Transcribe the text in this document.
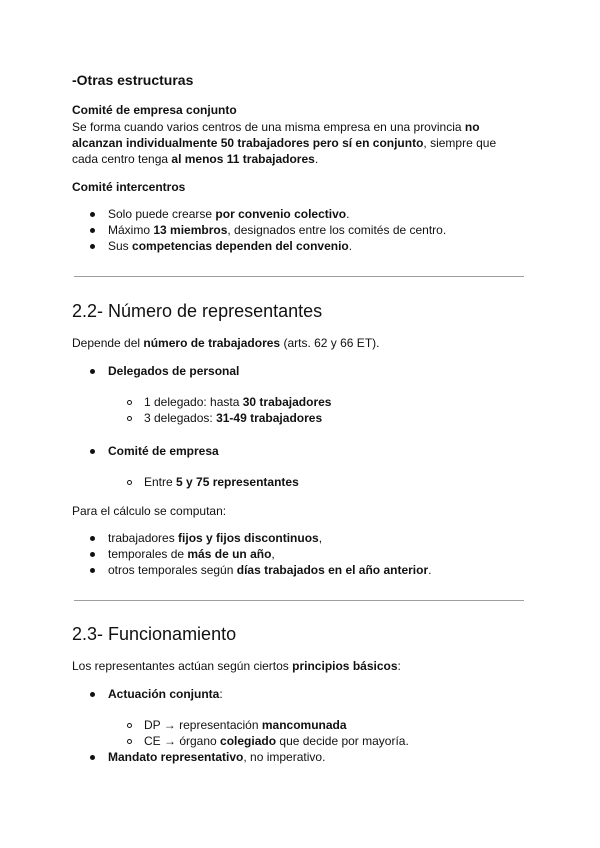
-Otras estructuras
Comité de empresa conjunto
Se forma cuando varios centros de una misma empresa en una provincia no
alcanzan individualmente 50 trabajadores pero sí en conjunto, siempre que
cada centro tenga al menos 11 trabajadores.
Comité intercentros
Solo puede crearse por convenio colectivo.
Máximo 13 miembros, designados entre los comités de centro.
Sus competencias dependen del convenio.
2.2- Número de representantes
Depende del número de trabajadores (arts. 62 y 66 ET).
Delegados de personal
1 delegado: hasta 30 trabajadores
3 delegados: 31-49 trabajadores
Comité de empresa
Entre 5 y 75 representantes
Para el cálculo se computan:
trabajadores fijos y fijos discontinuos,
temporales de más de un año,
otros temporales según días trabajados en el año anterior.
2.3- Funcionamiento
Los representantes actúan según ciertos principios básicos:
Actuación conjunta:
DP → representación mancomunada
CE → órgano colegiado que decide por mayoría.
Mandato representativo, no imperativo.
